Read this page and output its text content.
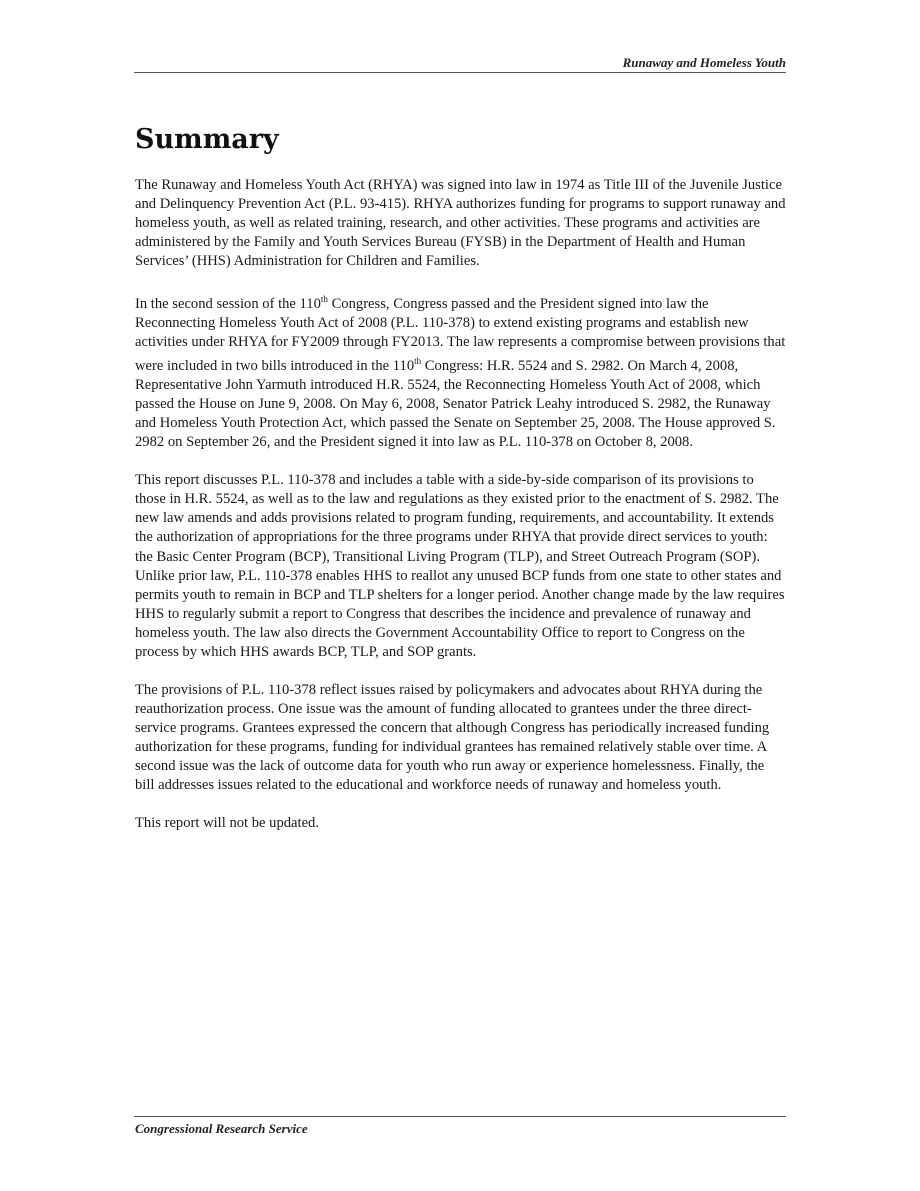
Runaway and Homeless Youth
Summary

The Runaway and Homeless Youth Act (RHYA) was signed into law in 1974 as Title III of the Juvenile Justice and Delinquency Prevention Act (P.L. 93-415). RHYA authorizes funding for programs to support runaway and homeless youth, as well as related training, research, and other activities. These programs and activities are administered by the Family and Youth Services Bureau (FYSB) in the Department of Health and Human Services’ (HHS) Administration for Children and Families.

In the second session of the 110th Congress, Congress passed and the President signed into law the Reconnecting Homeless Youth Act of 2008 (P.L. 110-378) to extend existing programs and establish new activities under RHYA for FY2009 through FY2013. The law represents a compromise between provisions that were included in two bills introduced in the 110th Congress: H.R. 5524 and S. 2982. On March 4, 2008, Representative John Yarmuth introduced H.R. 5524, the Reconnecting Homeless Youth Act of 2008, which passed the House on June 9, 2008. On May 6, 2008, Senator Patrick Leahy introduced S. 2982, the Runaway and Homeless Youth Protection Act, which passed the Senate on September 25, 2008. The House approved S. 2982 on September 26, and the President signed it into law as P.L. 110-378 on October 8, 2008.

This report discusses P.L. 110-378 and includes a table with a side-by-side comparison of its provisions to those in H.R. 5524, as well as to the law and regulations as they existed prior to the enactment of S. 2982. The new law amends and adds provisions related to program funding, requirements, and accountability. It extends the authorization of appropriations for the three programs under RHYA that provide direct services to youth: the Basic Center Program (BCP), Transitional Living Program (TLP), and Street Outreach Program (SOP). Unlike prior law, P.L. 110-378 enables HHS to reallot any unused BCP funds from one state to other states and permits youth to remain in BCP and TLP shelters for a longer period. Another change made by the law requires HHS to regularly submit a report to Congress that describes the incidence and prevalence of runaway and homeless youth. The law also directs the Government Accountability Office to report to Congress on the process by which HHS awards BCP, TLP, and SOP grants.

The provisions of P.L. 110-378 reflect issues raised by policymakers and advocates about RHYA during the reauthorization process. One issue was the amount of funding allocated to grantees under the three direct-service programs. Grantees expressed the concern that although Congress has periodically increased funding authorization for these programs, funding for individual grantees has remained relatively stable over time. A second issue was the lack of outcome data for youth who run away or experience homelessness. Finally, the bill addresses issues related to the educational and workforce needs of runaway and homeless youth.

This report will not be updated.

Congressional Research Service
